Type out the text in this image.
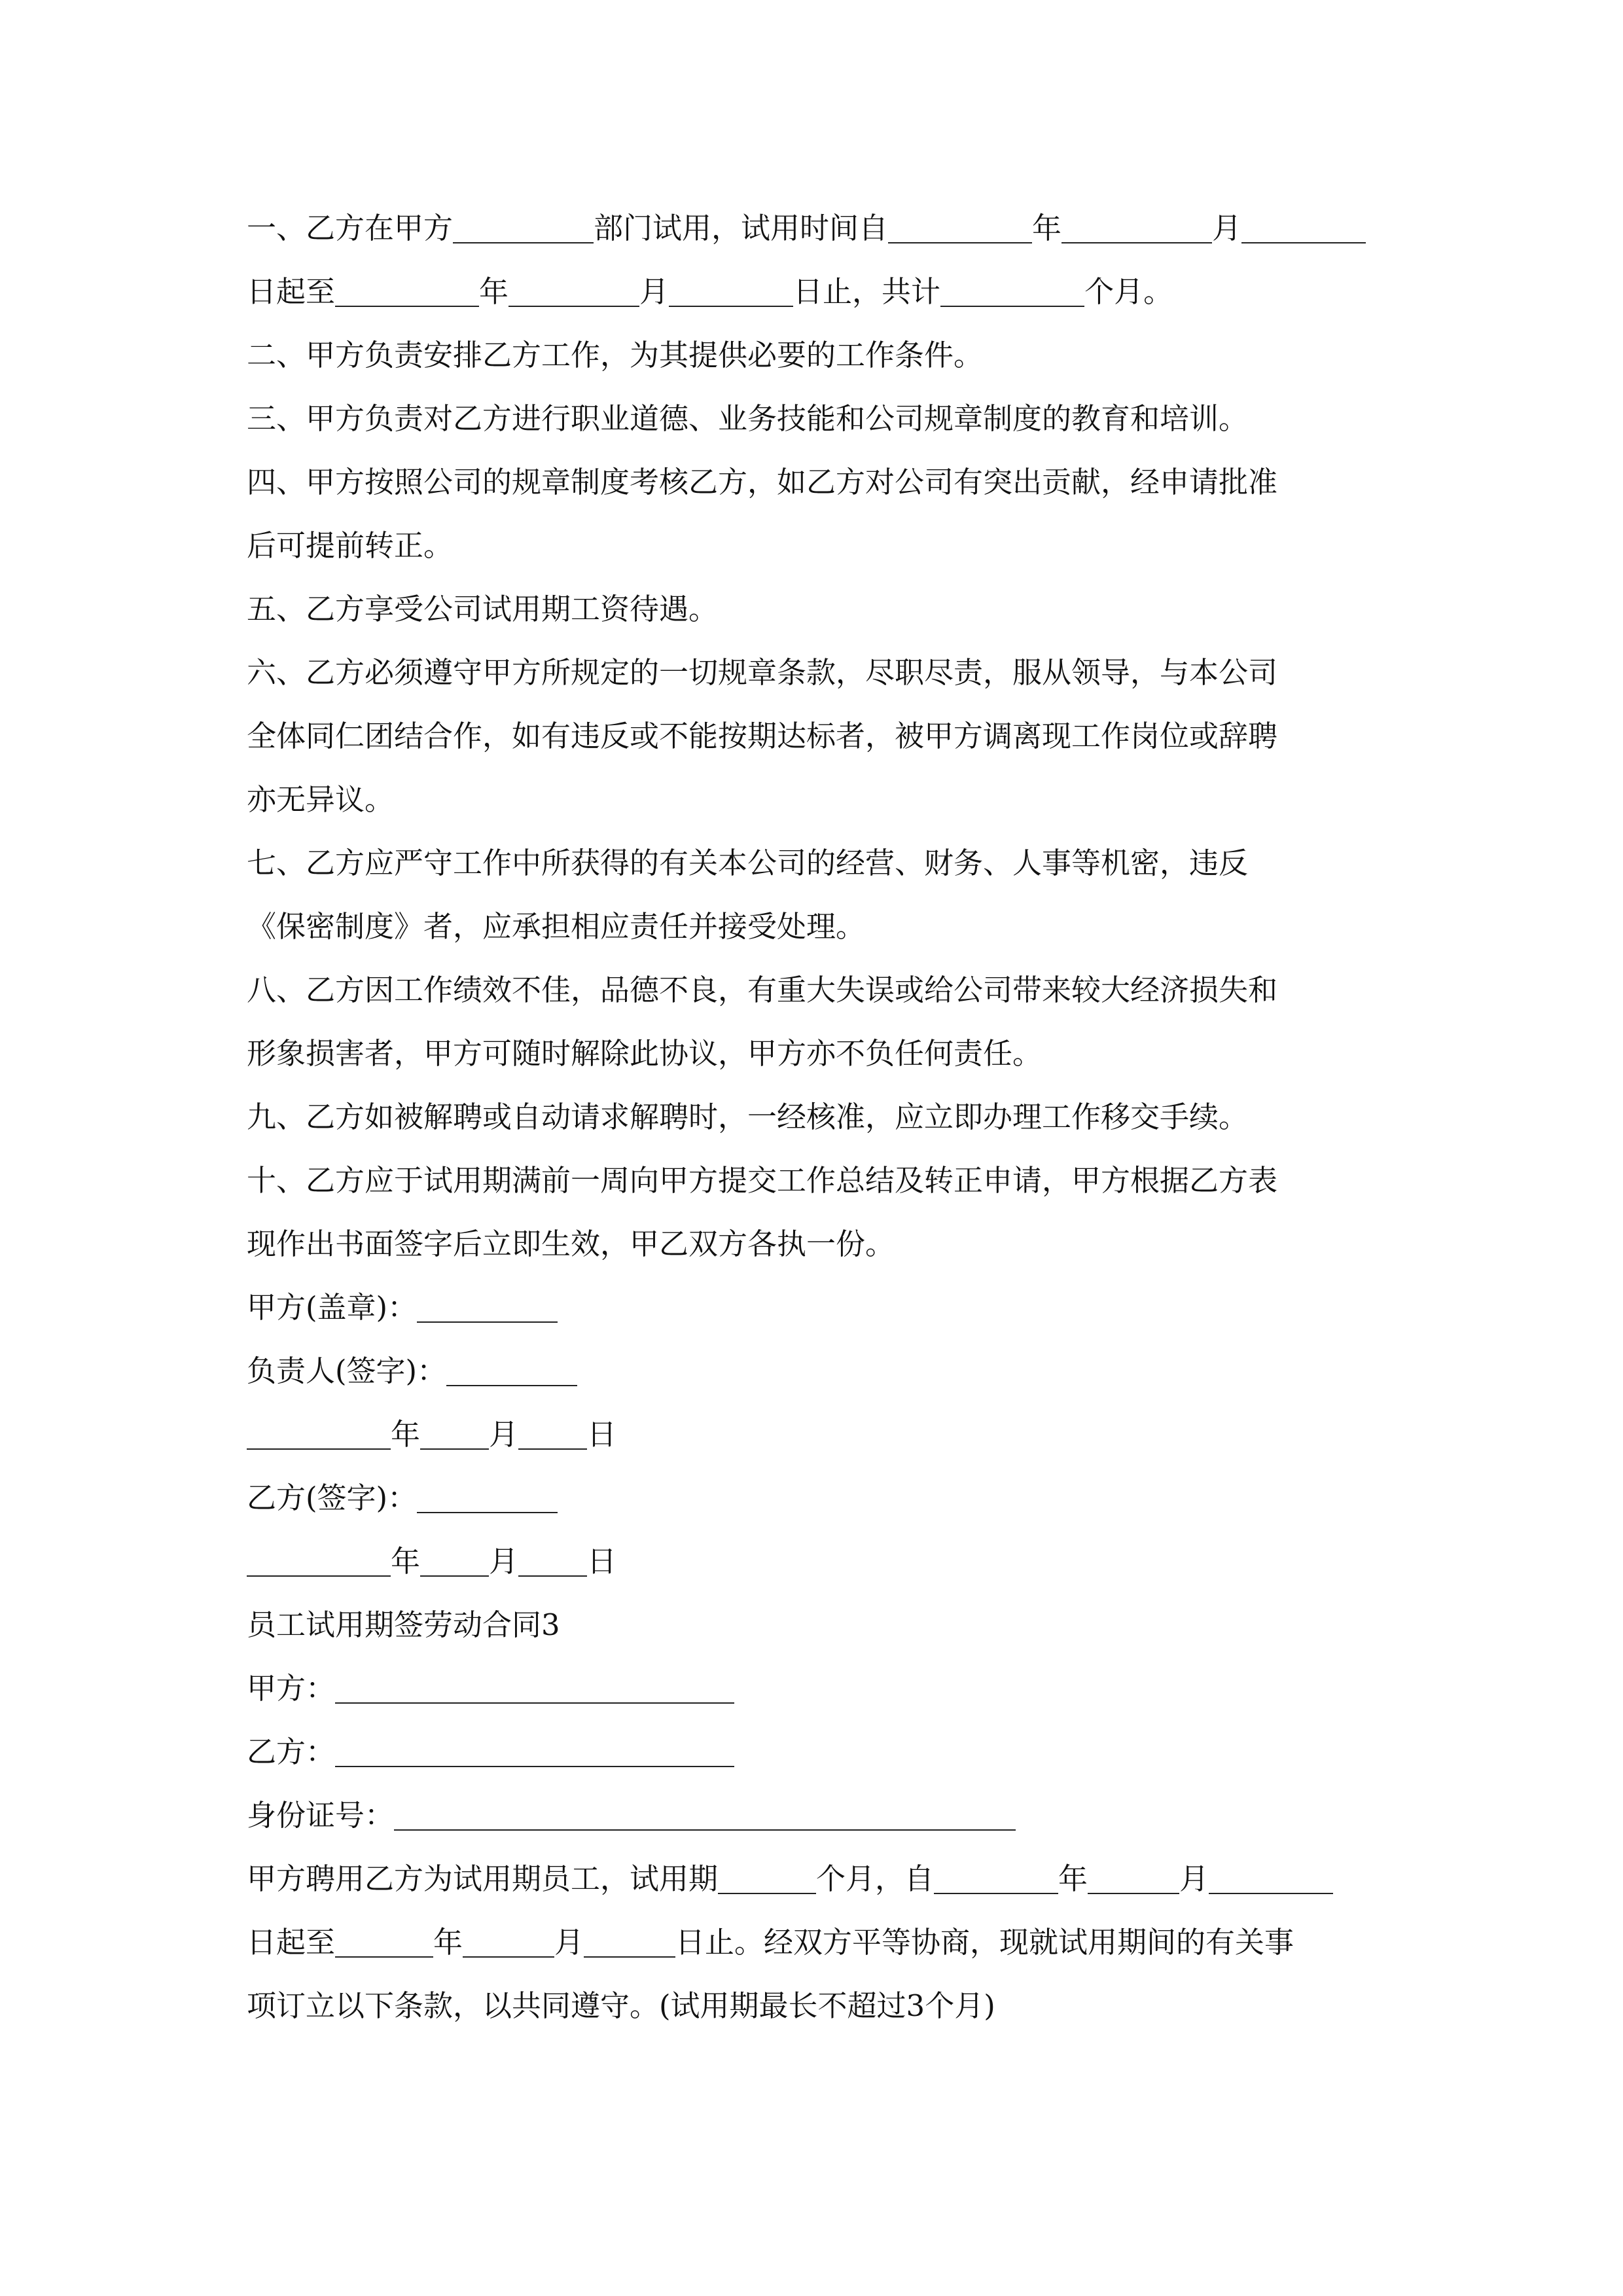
一、乙方在甲方	部门试用，试用时间自	年	月
日起至	年	月	日止，共计	个月。
二、甲方负责安排乙方工作，为其提供必要的工作条件。
三、甲方负责对乙方进行职业道德、业务技能和公司规章制度的教育和培训。
四、甲方按照公司的规章制度考核乙方，如乙方对公司有突出贡献，经申请批准
后可提前转正。
五、乙方享受公司试用期工资待遇。
六、乙方必须遵守甲方所规定的一切规章条款，尽职尽责，服从领导，与本公司
全体同仁团结合作，如有违反或不能按期达标者，被甲方调离现工作岗位或辞聘
亦无异议。
七、乙方应严守工作中所获得的有关本公司的经营、财务、人事等机密，违反
《保密制度》者，应承担相应责任并接受处理。
八、乙方因工作绩效不佳，品德不良，有重大失误或给公司带来较大经济损失和
形象损害者，甲方可随时解除此协议，甲方亦不负任何责任。
九、乙方如被解聘或自动请求解聘时，一经核准，应立即办理工作移交手续。
十、乙方应于试用期满前一周向甲方提交工作总结及转正申请，甲方根据乙方表
现作出书面签字后立即生效，甲乙双方各执一份。
甲方(盖章)：
负责人(签字)：
年 月 日
乙方(签字)：
年 月 日
员工试用期签劳动合同3
甲方：
乙方：
身份证号：
甲方聘用乙方为试用期员工，试用期	个月，自	年	月
日起至	年	月	日止。经双方平等协商，现就试用期间的有关事
项订立以下条款，以共同遵守。(试用期最长不超过3个月)
